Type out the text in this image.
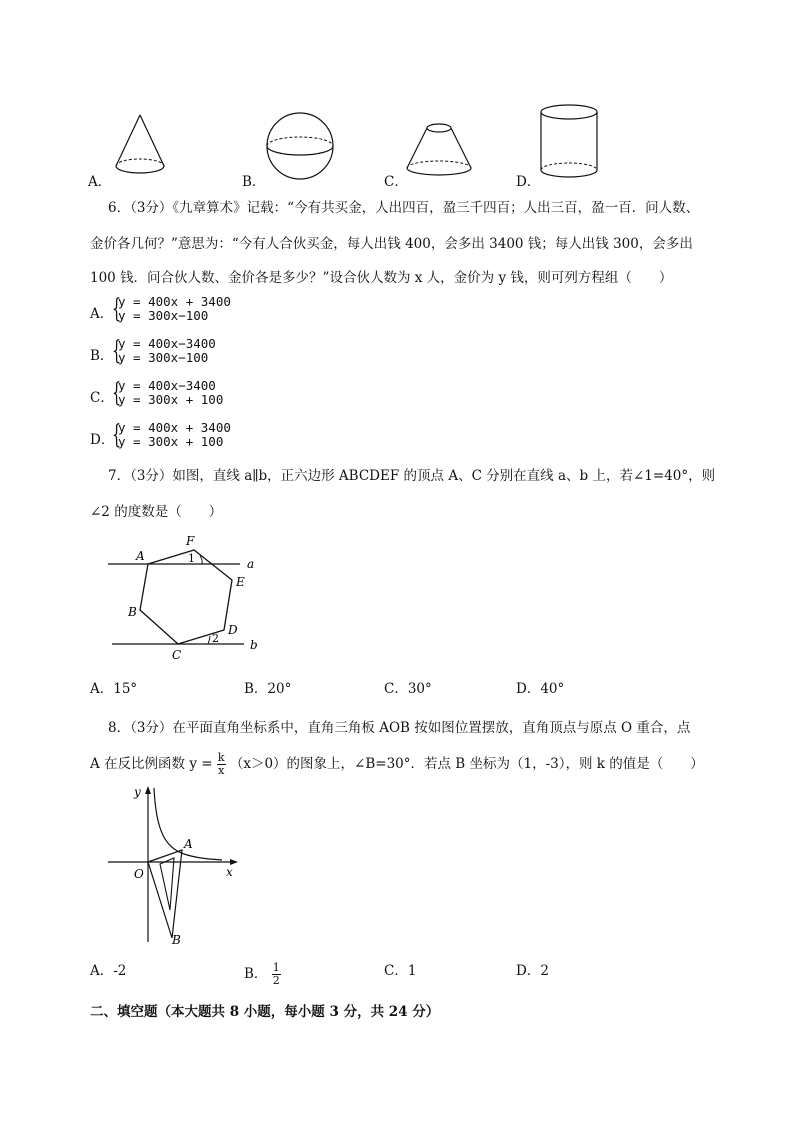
A．	B．	C．	D．
6．（3分）《九章算术》记载：“今有共买金，人出四百，盈三千四百；人出三百，盈一百．问人数、
金价各几何？”意思为：“今有人合伙买金，每人出钱 400，会多出 3400 钱；每人出钱 300，会多出
100 钱．问合伙人数、金价各是多少？”设合伙人数为 x 人，金价为 y 钱，则可列方程组（　　）
A．
{
y = 400x + 3400
y = 300x−100
B．
{
y = 400x−3400
y = 300x−100
C．
{
y = 400x−3400
y = 300x + 100
D．
{
y = 400x + 3400
y = 300x + 100
7．（3分）如图，直线 a∥b，正六边形 ABCDEF 的顶点 A、C 分别在直线 a、b 上，若∠1=40°，则
∠2 的度数是（　　）
A
F
E
D
C
B
a
b
1
2
A．15°	B．20°	C．30°	D．40°
8．（3分）在平面直角坐标系中，直角三角板 AOB 按如图位置摆放，直角顶点与原点 O 重合，点
A 在反比例函数 $y = \frac{k}{x} (x>0)$的图象上，∠B=30°．若点 B 坐标为（1，-3），则 k 的值是（　　）
y
x
O
A
B
A．-2	B． $\frac{1}{2}$	C．1	D．2
二、填空题（本大题共 8 小题，每小题 3 分，共 24 分）
